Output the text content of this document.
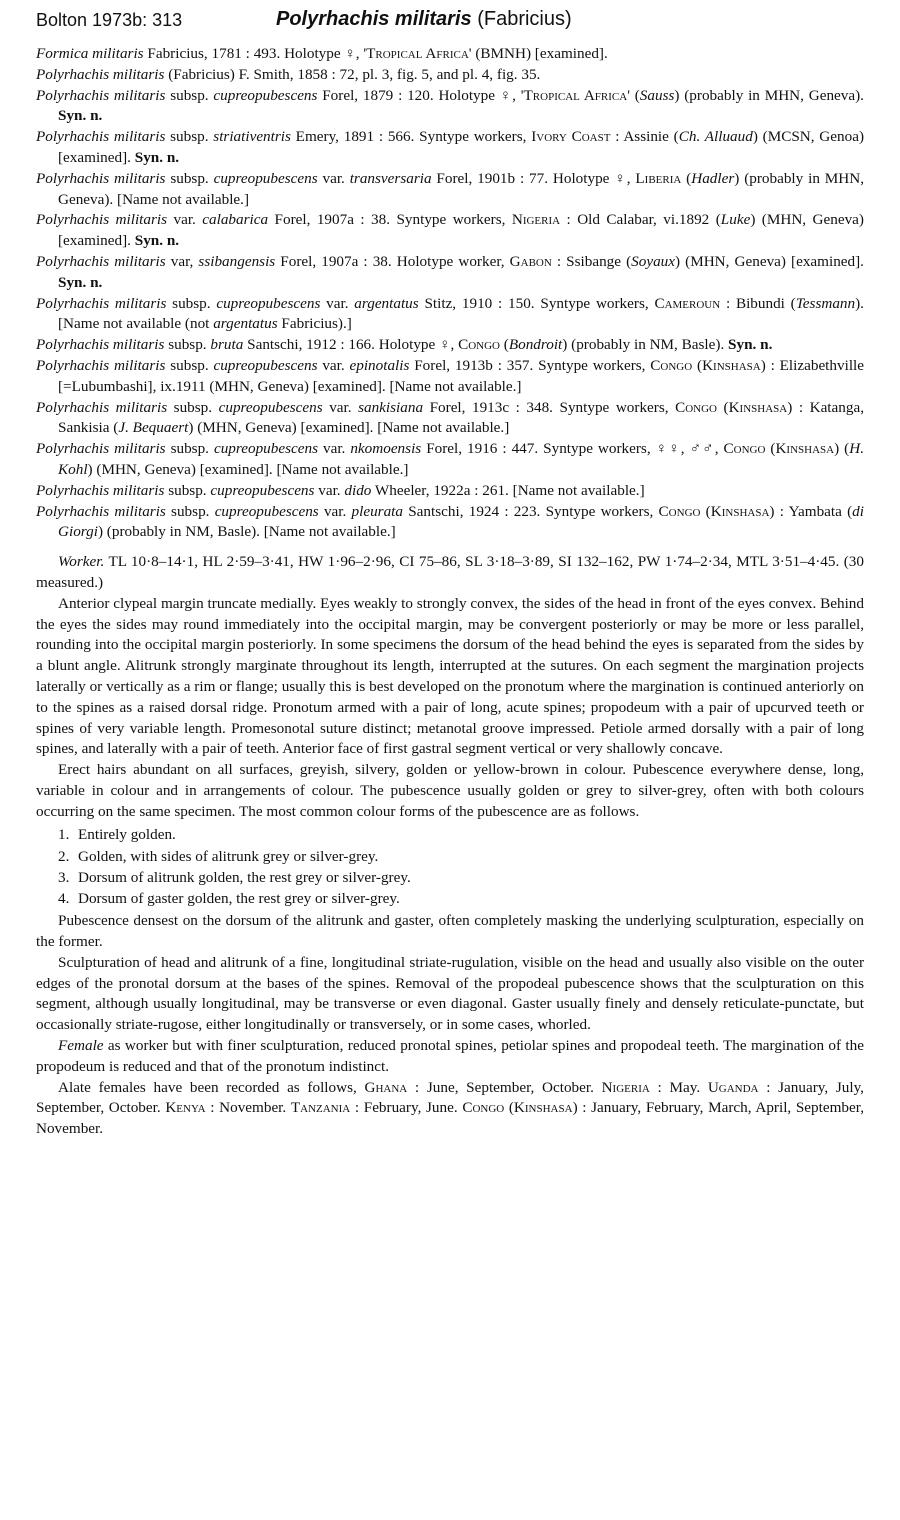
Bolton 1973b: 313	Polyrhachis militaris (Fabricius)

Formica militaris Fabricius, 1781 : 493. Holotype ♀, 'Tropical Africa' (BMNH) [examined].

Polyrhachis militaris (Fabricius) F. Smith, 1858 : 72, pl. 3, fig. 5, and pl. 4, fig. 35.

Polyrhachis militaris subsp. cupreopubescens Forel, 1879 : 120. Holotype ♀, 'Tropical Africa' (Sauss) (probably in MHN, Geneva). Syn. n.

Polyrhachis militaris subsp. striativentris Emery, 1891 : 566. Syntype workers, Ivory Coast : Assinie (Ch. Alluaud) (MCSN, Genoa) [examined]. Syn. n.

Polyrhachis militaris subsp. cupreopubescens var. transversaria Forel, 1901b : 77. Holotype ♀, Liberia (Hadler) (probably in MHN, Geneva). [Name not available.]

Polyrhachis militaris var. calabarica Forel, 1907a : 38. Syntype workers, Nigeria : Old Calabar, vi.1892 (Luke) (MHN, Geneva) [examined]. Syn. n.

Polyrhachis militaris var, ssibangensis Forel, 1907a : 38. Holotype worker, Gabon : Ssibange (Soyaux) (MHN, Geneva) [examined]. Syn. n.

Polyrhachis militaris subsp. cupreopubescens var. argentatus Stitz, 1910 : 150. Syntype workers, Cameroun : Bibundi (Tessmann). [Name not available (not argentatus Fabricius).]

Polyrhachis militaris subsp. bruta Santschi, 1912 : 166. Holotype ♀, Congo (Bondroit) (probably in NM, Basle). Syn. n.

Polyrhachis militaris subsp. cupreopubescens var. epinotalis Forel, 1913b : 357. Syntype workers, Congo (Kinshasa) : Elizabethville [=Lubumbashi], ix.1911 (MHN, Geneva) [examined]. [Name not available.]

Polyrhachis militaris subsp. cupreopubescens var. sankisiana Forel, 1913c : 348. Syntype workers, Congo (Kinshasa) : Katanga, Sankisia (J. Bequaert) (MHN, Geneva) [examined]. [Name not available.]

Polyrhachis militaris subsp. cupreopubescens var. nkomoensis Forel, 1916 : 447. Syntype workers, ♀♀, ♂♂, Congo (Kinshasa) (H. Kohl) (MHN, Geneva) [examined]. [Name not available.]

Polyrhachis militaris subsp. cupreopubescens var. dido Wheeler, 1922a : 261. [Name not available.]

Polyrhachis militaris subsp. cupreopubescens var. pleurata Santschi, 1924 : 223. Syntype workers, Congo (Kinshasa) : Yambata (di Giorgi) (probably in NM, Basle). [Name not available.]

Worker. TL 10·8–14·1, HL 2·59–3·41, HW 1·96–2·96, CI 75–86, SL 3·18–3·89, SI 132–162, PW 1·74–2·34, MTL 3·51–4·45. (30 measured.)

Anterior clypeal margin truncate medially. Eyes weakly to strongly convex, the sides of the head in front of the eyes convex. Behind the eyes the sides may round immediately into the occipital margin, may be convergent posteriorly or may be more or less parallel, rounding into the occipital margin posteriorly. In some specimens the dorsum of the head behind the eyes is separated from the sides by a blunt angle. Alitrunk strongly marginate throughout its length, interrupted at the sutures. On each segment the margination projects laterally or vertically as a rim or flange; usually this is best developed on the pronotum where the margination is continued anteriorly on to the spines as a raised dorsal ridge. Pronotum armed with a pair of long, acute spines; propodeum with a pair of upcurved teeth or spines of very variable length. Promesonotal suture distinct; metanotal groove impressed. Petiole armed dorsally with a pair of long spines, and laterally with a pair of teeth. Anterior face of first gastral segment vertical or very shallowly concave.

Erect hairs abundant on all surfaces, greyish, silvery, golden or yellow-brown in colour. Pubescence everywhere dense, long, variable in colour and in arrangements of colour. The pubescence usually golden or grey to silver-grey, often with both colours occurring on the same specimen. The most common colour forms of the pubescence are as follows.

1. Entirely golden.
2. Golden, with sides of alitrunk grey or silver-grey.
3. Dorsum of alitrunk golden, the rest grey or silver-grey.
4. Dorsum of gaster golden, the rest grey or silver-grey.

Pubescence densest on the dorsum of the alitrunk and gaster, often completely masking the underlying sculpturation, especially on the former.

Sculpturation of head and alitrunk of a fine, longitudinal striate-rugulation, visible on the head and usually also visible on the outer edges of the pronotal dorsum at the bases of the spines. Removal of the propodeal pubescence shows that the sculpturation on this segment, although usually longitudinal, may be transverse or even diagonal. Gaster usually finely and densely reticulate-punctate, but occasionally striate-rugose, either longitudinally or transversely, or in some cases, whorled.

Female as worker but with finer sculpturation, reduced pronotal spines, petiolar spines and propodeal teeth. The margination of the propodeum is reduced and that of the pronotum indistinct.

Alate females have been recorded as follows, Ghana : June, September, October. Nigeria : May. Uganda : January, July, September, October. Kenya : November. Tanzania : February, June. Congo (Kinshasa) : January, February, March, April, September, November.
